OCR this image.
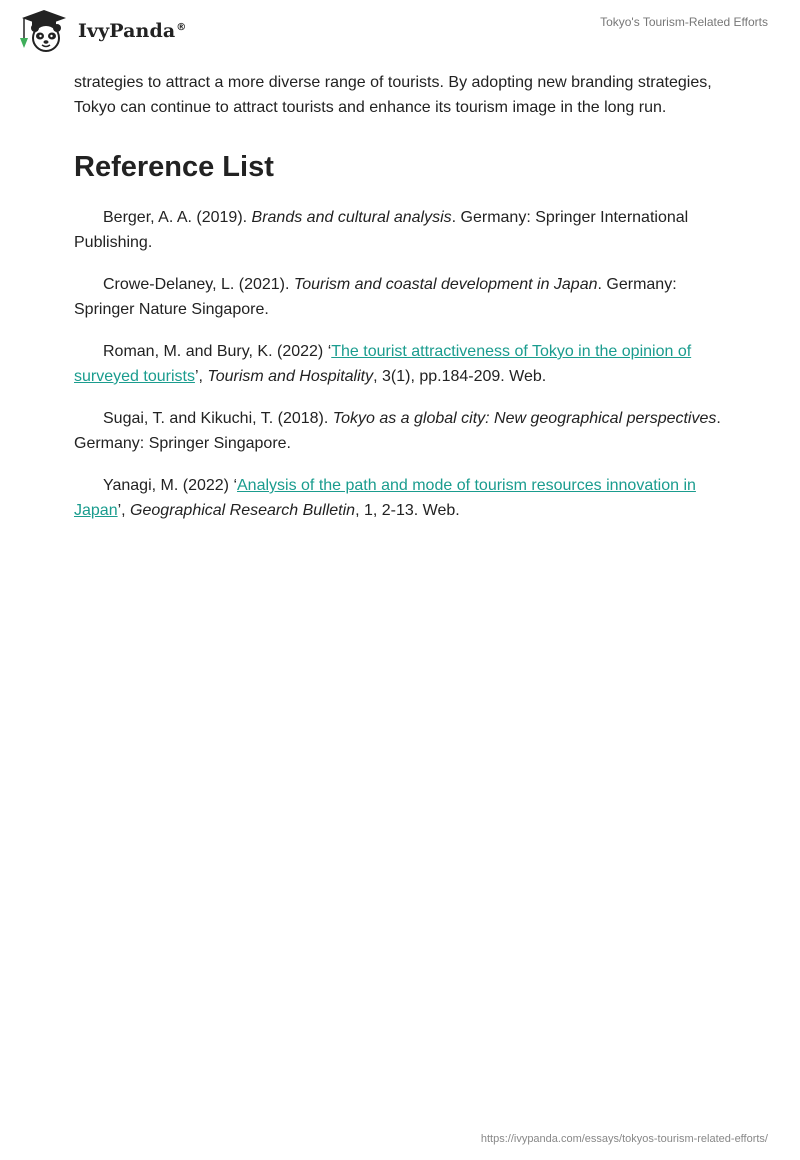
IvyPanda®	Tokyo's Tourism-Related Efforts

strategies to attract a more diverse range of tourists. By adopting new branding strategies, Tokyo can continue to attract tourists and enhance its tourism image in the long run.

Reference List

Berger, A. A. (2019). Brands and cultural analysis. Germany: Springer International Publishing.

Crowe-Delaney, L. (2021). Tourism and coastal development in Japan. Germany: Springer Nature Singapore.

Roman, M. and Bury, K. (2022) ‘The tourist attractiveness of Tokyo in the opinion of surveyed tourists’, Tourism and Hospitality, 3(1), pp.184-209. Web.

Sugai, T. and Kikuchi, T. (2018). Tokyo as a global city: New geographical perspectives. Germany: Springer Singapore.

Yanagi, M. (2022) ‘Analysis of the path and mode of tourism resources innovation in Japan’, Geographical Research Bulletin, 1, 2-13. Web.

https://ivypanda.com/essays/tokyos-tourism-related-efforts/
